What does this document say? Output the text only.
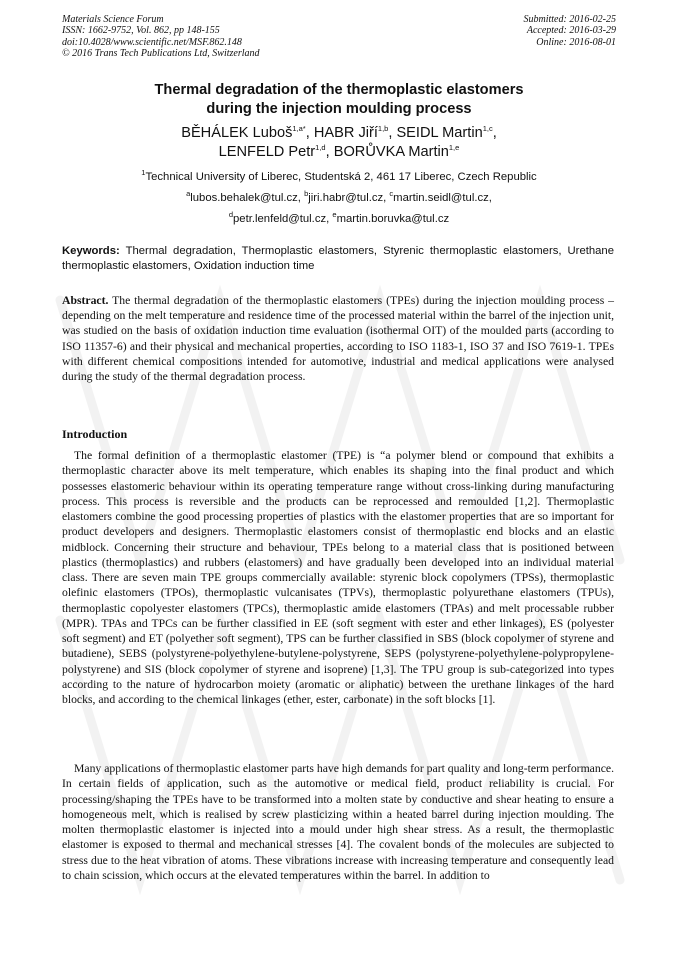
Materials Science Forum
ISSN: 1662-9752, Vol. 862, pp 148-155
doi:10.4028/www.scientific.net/MSF.862.148
© 2016 Trans Tech Publications Ltd, Switzerland
Submitted: 2016-02-25
Accepted: 2016-03-29
Online: 2016-08-01
Thermal degradation of the thermoplastic elastomers
during the injection moulding process
BĚHÁLEK Luboš$^{1,a*}$, HABR Jiří$^{1,b}$, SEIDL Martin$^{1,c}$,
LENFELD Petr$^{1,d}$, BORŮVKA Martin$^{1,e}$
$^1$Technical University of Liberec, Studentská 2, 461 17 Liberec, Czech Republic
$^a$lubos.behalek@tul.cz, $^b$jiri.habr@tul.cz, $^c$martin.seidl@tul.cz,
$^d$petr.lenfeld@tul.cz, $^e$martin.boruvka@tul.cz
Keywords: Thermal degradation, Thermoplastic elastomers, Styrenic thermoplastic elastomers, Urethane thermoplastic elastomers, Oxidation induction time
Abstract. The thermal degradation of the thermoplastic elastomers (TPEs) during the injection moulding process – depending on the melt temperature and residence time of the processed material within the barrel of the injection unit, was studied on the basis of oxidation induction time evaluation (isothermal OIT) of the moulded parts (according to ISO 11357-6) and their physical and mechanical properties, according to ISO 1183-1, ISO 37 and ISO 7619-1. TPEs with different chemical compositions intended for automotive, industrial and medical applications were analysed during the study of the thermal degradation process.
Introduction
The formal definition of a thermoplastic elastomer (TPE) is “a polymer blend or compound that exhibits a thermoplastic character above its melt temperature, which enables its shaping into the final product and which possesses elastomeric behaviour within its operating temperature range without cross-linking during manufacturing process. This process is reversible and the products can be reprocessed and remoulded [1,2]. Thermoplastic elastomers combine the good processing properties of plastics with the elastomer properties that are so important for product developers and designers. Thermoplastic elastomers consist of thermoplastic end blocks and an elastic midblock. Concerning their structure and behaviour, TPEs belong to a material class that is positioned between plastics (thermoplastics) and rubbers (elastomers) and have gradually been developed into an individual material class. There are seven main TPE groups commercially available: styrenic block copolymers (TPSs), thermoplastic olefinic elastomers (TPOs), thermoplastic vulcanisates (TPVs), thermoplastic polyurethane elastomers (TPUs), thermoplastic copolyester elastomers (TPCs), thermoplastic amide elastomers (TPAs) and melt processable rubber (MPR). TPAs and TPCs can be further classified in EE (soft segment with ester and ether linkages), ES (polyester soft segment) and ET (polyether soft segment), TPS can be further classified in SBS (block copolymer of styrene and butadiene), SEBS (polystyrene-polyethylene-butylene-polystyrene, SEPS (polystyrene-polyethylene-polypropylene-polystyrene) and SIS (block copolymer of styrene and isoprene) [1,3]. The TPU group is sub-categorized into types according to the nature of hydrocarbon moiety (aromatic or aliphatic) between the urethane linkages of the hard blocks, and according to the chemical linkages (ether, ester, carbonate) in the soft blocks [1].
Many applications of thermoplastic elastomer parts have high demands for part quality and long-term performance. In certain fields of application, such as the automotive or medical field, product reliability is crucial. For processing/shaping the TPEs have to be transformed into a molten state by conductive and shear heating to ensure a homogeneous melt, which is realised by screw plasticizing within a heated barrel during injection moulding. The molten thermoplastic elastomer is injected into a mould under high shear stress. As a result, the thermoplastic elastomer is exposed to thermal and mechanical stresses [4]. The covalent bonds of the molecules are subjected to stress due to the heat vibration of atoms. These vibrations increase with increasing temperature and consequently lead to chain scission, which occurs at the elevated temperatures within the barrel. In addition to
